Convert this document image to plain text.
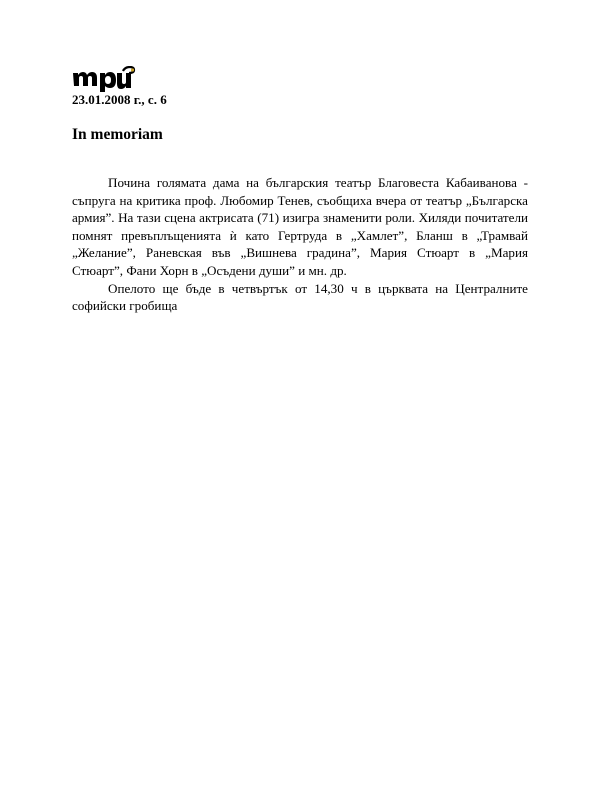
23.01.2008 г., с. 6

In memoriam

Почина голямата дама на българския театър Благовеста Кабаиванова - съпруга на критика проф. Любомир Тенев, съобщиха вчера от театър „Българска армия”. На тази сцена актрисата (71) изигра знаменити роли. Хиляди почитатели помнят превъплъщенията ѝ като Гертруда в „Хамлет”, Бланш в „Трамвай „Желание”, Раневская във „Вишнева градина”, Мария Стюарт в „Мария Стюарт”, Фани Хорн в „Осъдени души” и мн. др.

Опелото ще бъде в четвъртък от 14,30 ч в църквата на Централните софийски гробища
